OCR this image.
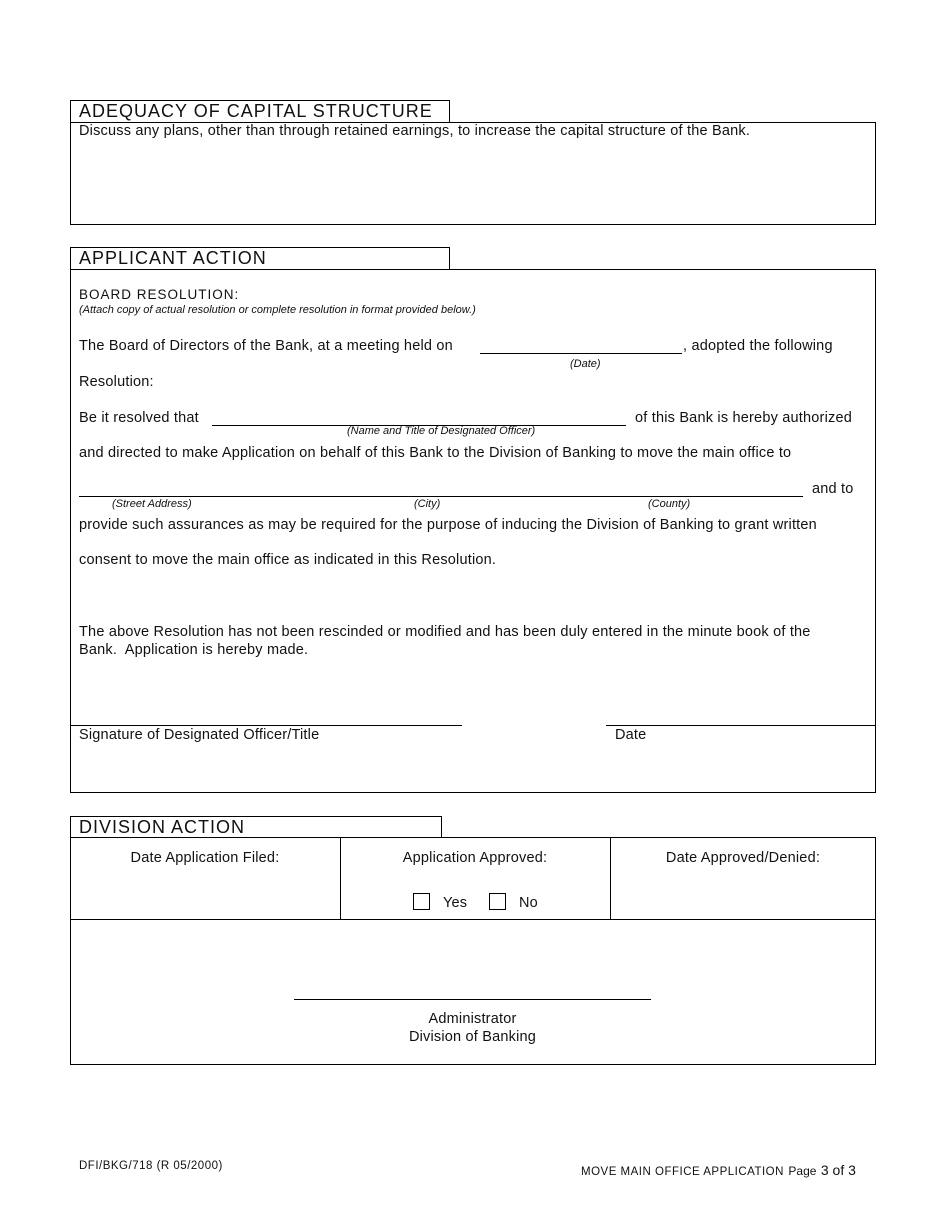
ADEQUACY OF CAPITAL STRUCTURE
Discuss any plans, other than through retained earnings, to increase the capital structure of the Bank.
APPLICANT ACTION
BOARD RESOLUTION:
(Attach copy of actual resolution or complete resolution in format provided below.)
The Board of Directors of the Bank, at a meeting held on	, adopted the following
(Date)
Resolution:
Be it resolved that	of this Bank is hereby authorized
(Name and Title of Designated Officer)
and directed to make Application on behalf of this Bank to the Division of Banking to move the main office to
and to
(Street Address)	(City)	(County)
provide such assurances as may be required for the purpose of inducing the Division of Banking to grant written
consent to move the main office as indicated in this Resolution.
The above Resolution has not been rescinded or modified and has been duly entered in the minute book of the
Bank.  Application is hereby made.
Signature of Designated Officer/Title	Date
DIVISION ACTION
Date Application Filed:	Application Approved:	Date Approved/Denied:
Yes	No
Administrator
Division of Banking
DFI/BKG/718 (R 05/2000)	MOVE MAIN OFFICE APPLICATION Page 3 of 3
